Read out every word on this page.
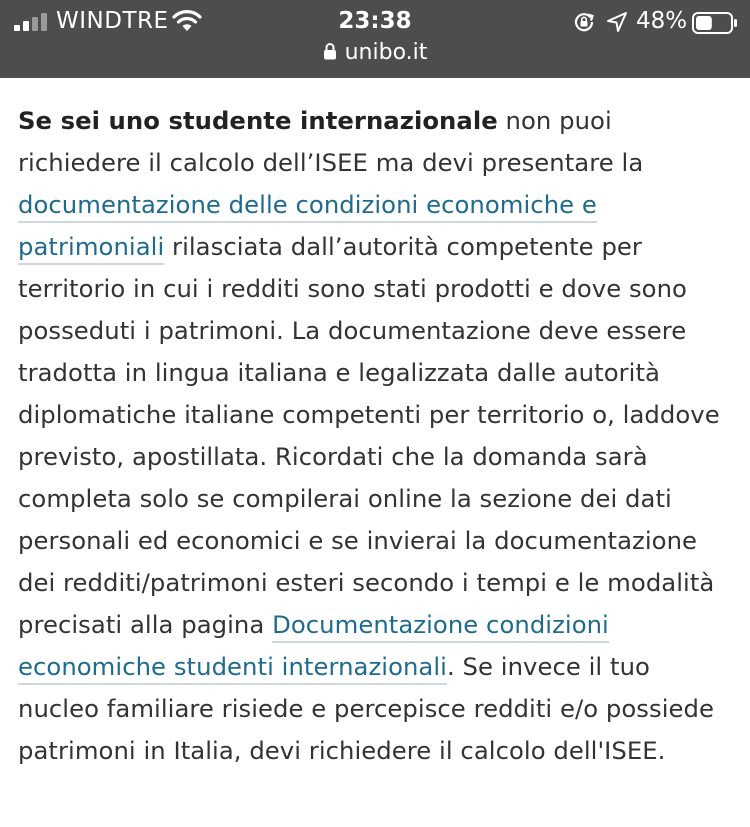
WINDTRE	23:38	48%
unibo.it

Se sei uno studente internazionale non puoi richiedere il calcolo dell’ISEE ma devi presentare la documentazione delle condizioni economiche e patrimoniali rilasciata dall’autorità competente per territorio in cui i redditi sono stati prodotti e dove sono posseduti i patrimoni. La documentazione deve essere tradotta in lingua italiana e legalizzata dalle autorità diplomatiche italiane competenti per territorio o, laddove previsto, apostillata. Ricordati che la domanda sarà completa solo se compilerai online la sezione dei dati personali ed economici e se invierai la documentazione dei redditi/patrimoni esteri secondo i tempi e le modalità precisati alla pagina Documentazione condizioni economiche studenti internazionali. Se invece il tuo nucleo familiare risiede e percepisce redditi e/o possiede patrimoni in Italia, devi richiedere il calcolo dell'ISEE.
